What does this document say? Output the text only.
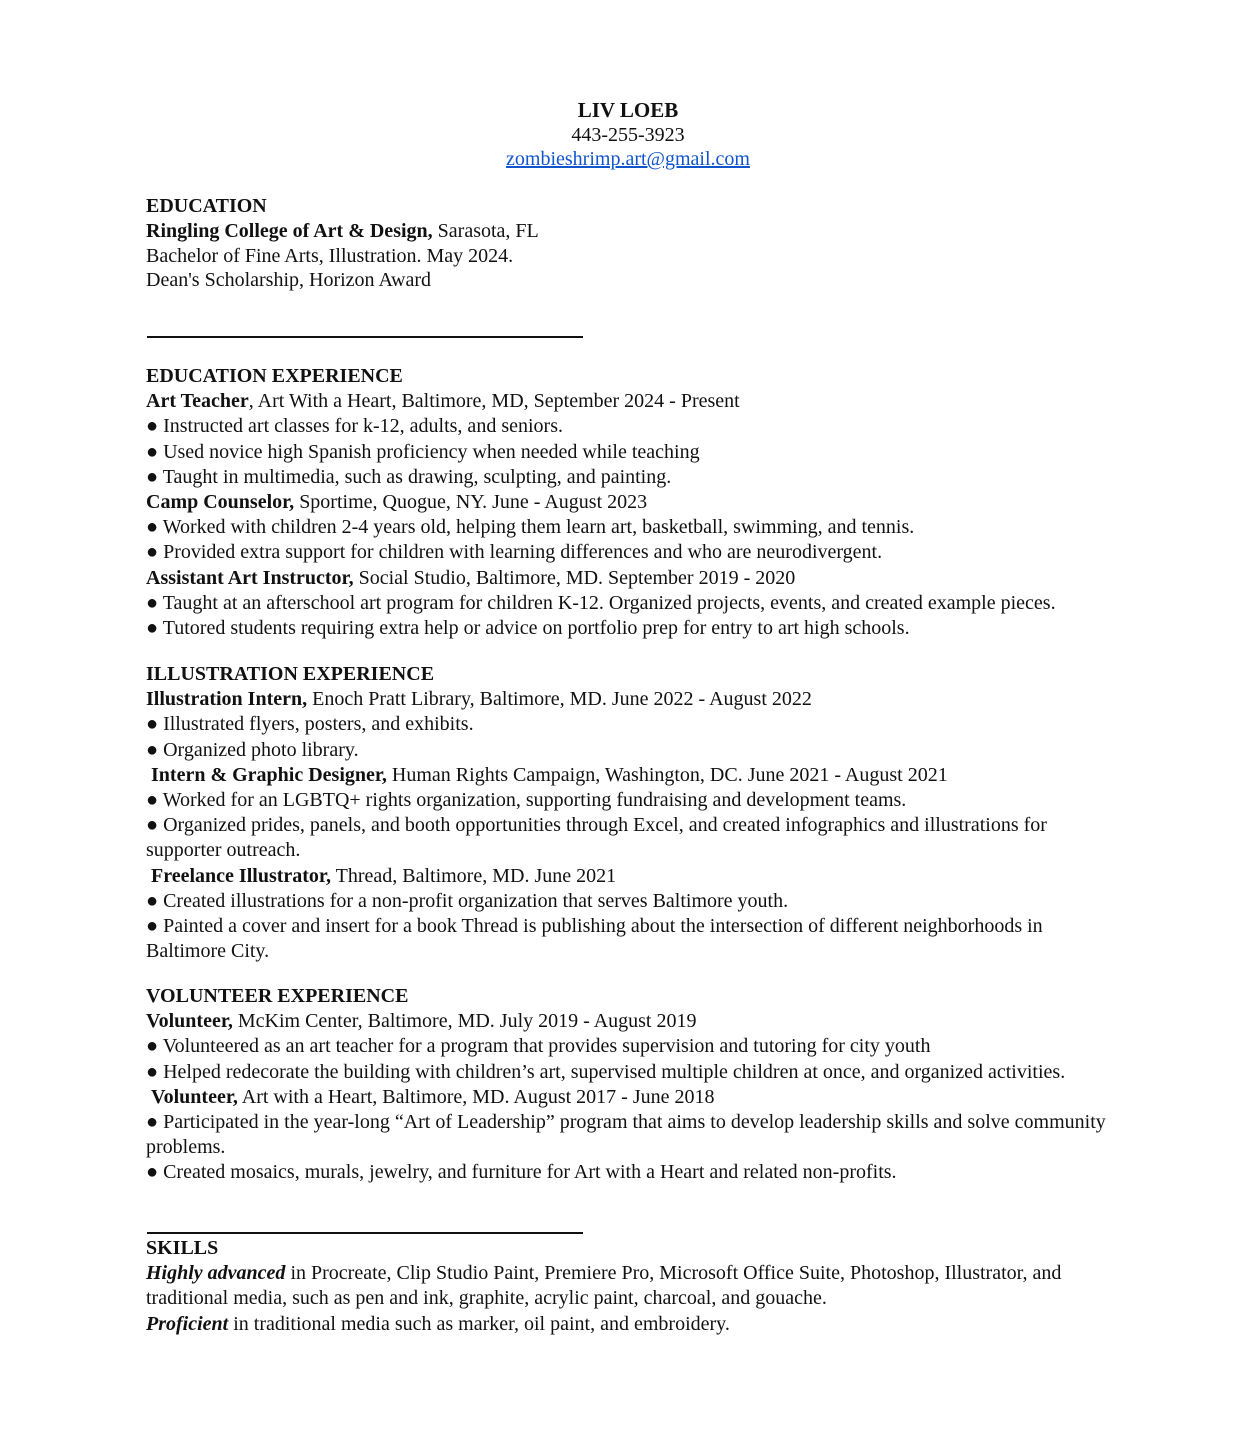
LIV LOEB
443-255-3923
zombieshrimp.art@gmail.com
EDUCATION
Ringling College of Art & Design, Sarasota, FL
Bachelor of Fine Arts, Illustration. May 2024.
Dean's Scholarship, Horizon Award
EDUCATION EXPERIENCE
Art Teacher, Art With a Heart, Baltimore, MD, September 2024 - Present
● Instructed art classes for k-12, adults, and seniors.
● Used novice high Spanish proficiency when needed while teaching
● Taught in multimedia, such as drawing, sculpting, and painting.
Camp Counselor, Sportime, Quogue, NY. June - August 2023
● Worked with children 2-4 years old, helping them learn art, basketball, swimming, and tennis.
● Provided extra support for children with learning differences and who are neurodivergent.
Assistant Art Instructor, Social Studio, Baltimore, MD. September 2019 - 2020
● Taught at an afterschool art program for children K-12. Organized projects, events, and created example pieces.
● Tutored students requiring extra help or advice on portfolio prep for entry to art high schools.
ILLUSTRATION EXPERIENCE
Illustration Intern, Enoch Pratt Library, Baltimore, MD. June 2022 - August 2022
● Illustrated flyers, posters, and exhibits.
● Organized photo library.
Intern & Graphic Designer, Human Rights Campaign, Washington, DC. June 2021 - August 2021
● Worked for an LGBTQ+ rights organization, supporting fundraising and development teams.
● Organized prides, panels, and booth opportunities through Excel, and created infographics and illustrations for supporter outreach.
Freelance Illustrator, Thread, Baltimore, MD. June 2021
● Created illustrations for a non-profit organization that serves Baltimore youth.
● Painted a cover and insert for a book Thread is publishing about the intersection of different neighborhoods in Baltimore City.
VOLUNTEER EXPERIENCE
Volunteer, McKim Center, Baltimore, MD. July 2019 - August 2019
● Volunteered as an art teacher for a program that provides supervision and tutoring for city youth
● Helped redecorate the building with children’s art, supervised multiple children at once, and organized activities.
Volunteer, Art with a Heart, Baltimore, MD. August 2017 - June 2018
● Participated in the year-long “Art of Leadership” program that aims to develop leadership skills and solve community problems.
● Created mosaics, murals, jewelry, and furniture for Art with a Heart and related non-profits.
SKILLS
Highly advanced in Procreate, Clip Studio Paint, Premiere Pro, Microsoft Office Suite, Photoshop, Illustrator, and traditional media, such as pen and ink, graphite, acrylic paint, charcoal, and gouache.
Proficient in traditional media such as marker, oil paint, and embroidery.
